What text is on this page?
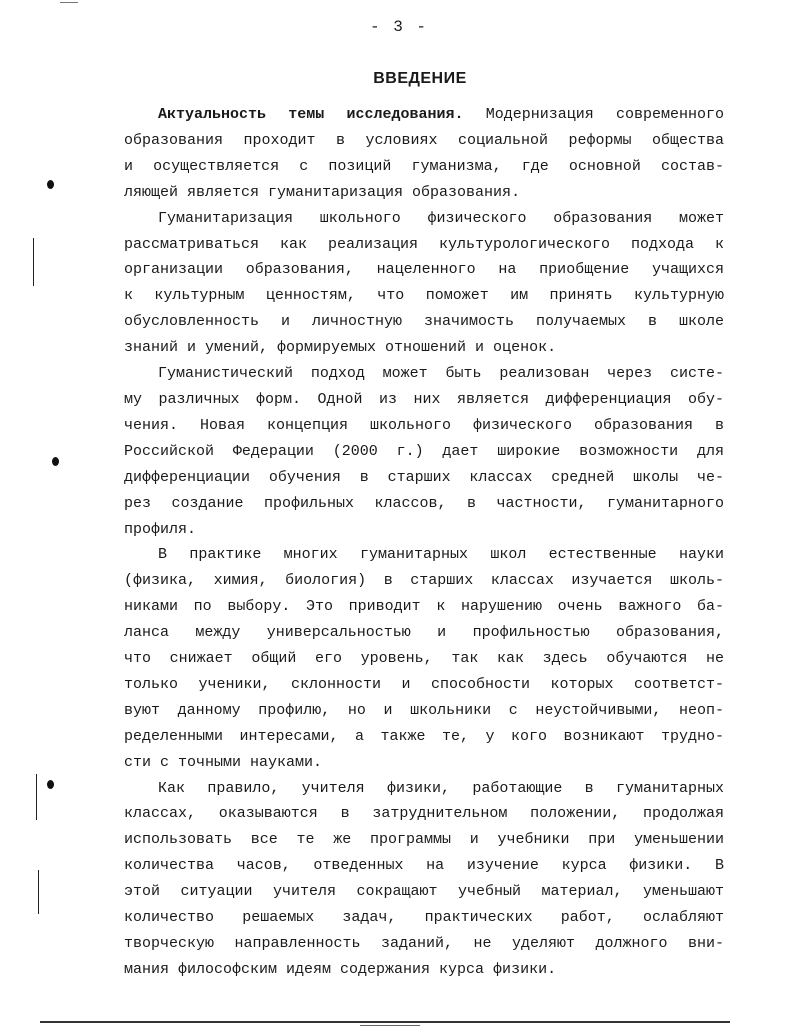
- 3 -
ВВЕДЕНИЕ
Актуальность темы исследования. Модернизация современного
образования проходит в условиях социальной реформы общества
и осуществляется с позиций гуманизма, где основной состав-
ляющей является гуманитаризация образования.
Гуманитаризация школьного физического образования может
рассматриваться как реализация культурологического подхода к
организации образования, нацеленного на приобщение учащихся
к культурным ценностям, что поможет им принять культурную
обусловленность и личностную значимость получаемых в школе
знаний и умений, формируемых отношений и оценок.
Гуманистический подход может быть реализован через систе-
му различных форм. Одной из них является дифференциация обу-
чения. Новая концепция школьного физического образования в
Российской Федерации (2000 г.) дает широкие возможности для
дифференциации обучения в старших классах средней школы че-
рез создание профильных классов, в частности, гуманитарного
профиля.
В практике многих гуманитарных школ естественные науки
(физика, химия, биология) в старших классах изучается школь-
никами по выбору. Это приводит к нарушению очень важного ба-
ланса между универсальностью и профильностью образования,
что снижает общий его уровень, так как здесь обучаются не
только ученики, склонности и способности которых соответст-
вуют данному профилю, но и школьники с неустойчивыми, неоп-
ределенными интересами, а также те, у кого возникают трудно-
сти с точными науками.
Как правило, учителя физики, работающие в гуманитарных
классах, оказываются в затруднительном положении, продолжая
использовать все те же программы и учебники при уменьшении
количества часов, отведенных на изучение курса физики. В
этой ситуации учителя сокращают учебный материал, уменьшают
количество решаемых задач, практических работ, ослабляют
творческую направленность заданий, не уделяют должного вни-
мания философским идеям содержания курса физики.
